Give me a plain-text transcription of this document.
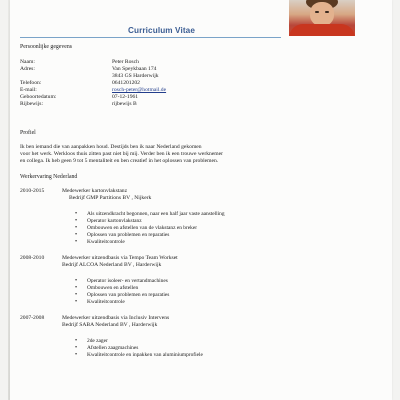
Curriculum Vitae
Persoonlijke gegevens
Naam:	Peter Rosch
Adres:	Van Speykbaan 174
3843 GS Harderwijk
Telefoon:	0641201202
E-mail:	rosch-peter@hotmail.de
Geboortedatum:	07-12-1961
Rijbewijs:	rijbewijs B
Profiel
Ik ben iemand die van aanpakken houd. Destijds ben ik naar Nederland gekomen
voor het werk. Werkloos thuis zitten past niet bij mij. Verder ben ik een trouwe werknemer
en collega. Ik heb geen 9 tot 5 mentaliteit en ben creatief in het oplossen van problemen.
Werkervaring Nederland
2010-2015	Medewerker kartonvlakstanz
Bedrijf GMP Partitions BV , Nijkerk
• Als uitzendkracht begonnen, naar een half jaar vaste aanstelling
• Operator kartonvlakstanz
• Ombouwen en afstellen van de vlakstanz en breker
• Oplossen van problemen en reparaties
• Kwaliteitcontrole
2008-2010	Medewerker uitzendbasis via Tempo Team Workset
Bedrijf ALCOA Nederland BV , Harderwijk
• Operator isoleer- en vertandmachines
• Ombouwen en afstellen
• Oplossen van problemen en reparaties
• Kwaliteitcontrole
2007-2008	Medewerker uitzendbasis via Inclusiv Intervens
Bedrijf SABA Nederland BV , Harderwijk
• 2de zager
• Afstellen zaagmachines
• Kwaliteitcontrole en inpakken van aluminiumprofiele
